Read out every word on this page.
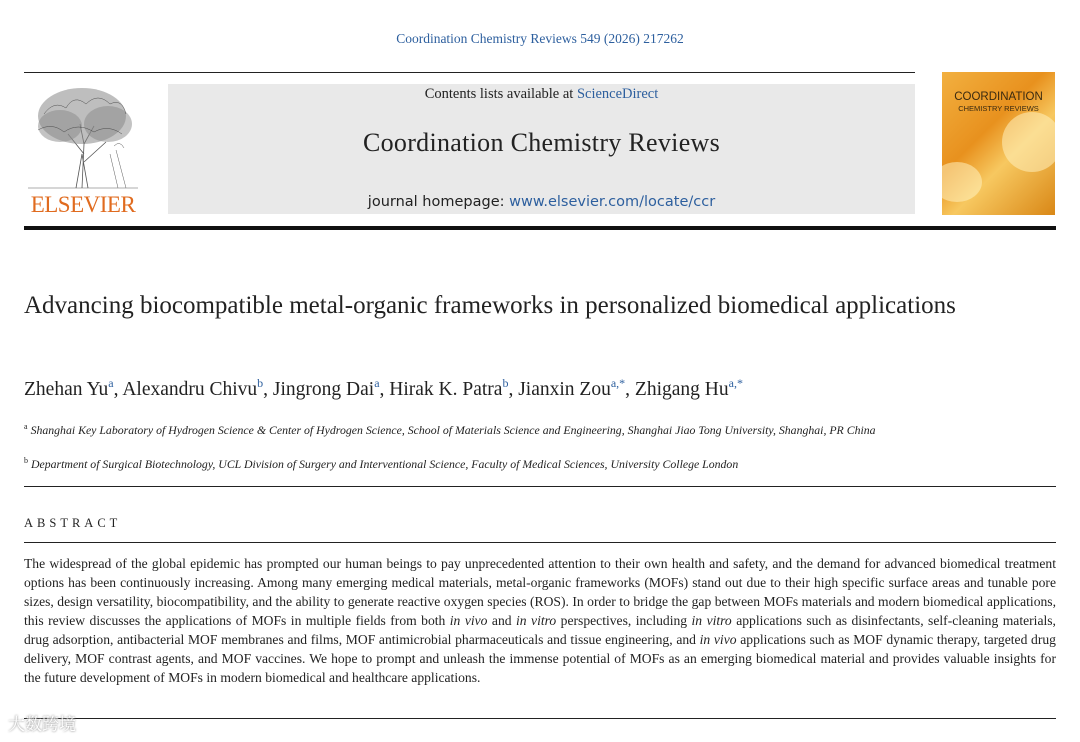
Coordination Chemistry Reviews 549 (2026) 217262
ELSEVIER
Contents lists available at ScienceDirect
Coordination Chemistry Reviews
journal homepage: www.elsevier.com/locate/ccr
COORDINATION
CHEMISTRY REVIEWS
Advancing biocompatible metal-organic frameworks in personalized biomedical applications
Zhehan Yu$^a$, Alexandru Chivu$^b$, Jingrong Dai$^a$, Hirak K. Patra$^b$, Jianxin Zou$^{a,*}$, Zhigang $Hu^{a,*}$
$^a$ Shanghai Key Laboratory of Hydrogen Science & Center of Hydrogen Science, School of Materials Science and Engineering, Shanghai Jiao Tong University, Shanghai, PR China
$^b$ Department of Surgical Biotechnology, UCL Division of Surgery and Interventional Science, Faculty of Medical Sciences, University College London
ABSTRACT
The widespread of the global epidemic has prompted our human beings to pay unprecedented attention to their own health and safety, and the demand for advanced biomedical treatment options has been continuously increasing. Among many emerging medical materials, metal-organic frameworks (MOFs) stand out due to their high specific surface areas and tunable pore sizes, design versatility, biocompatibility, and the ability to generate reactive oxygen species (ROS). In order to bridge the gap between MOFs materials and modern biomedical applications, this review discusses the applications of MOFs in multiple fields from both in vivo and in vitro perspectives, including in vitro applications such as disinfectants, self-cleaning materials, drug adsorption, antibacterial MOF membranes and films, MOF antimicrobial pharmaceuticals and tissue engineering, and in vivo applications such as MOF dynamic therapy, targeted drug delivery, MOF contrast agents, and MOF vaccines. We hope to prompt and unleash the immense potential of MOFs as an emerging biomedical material and provides valuable insights for the future development of MOFs in modern biomedical and healthcare applications.
大数跨境
